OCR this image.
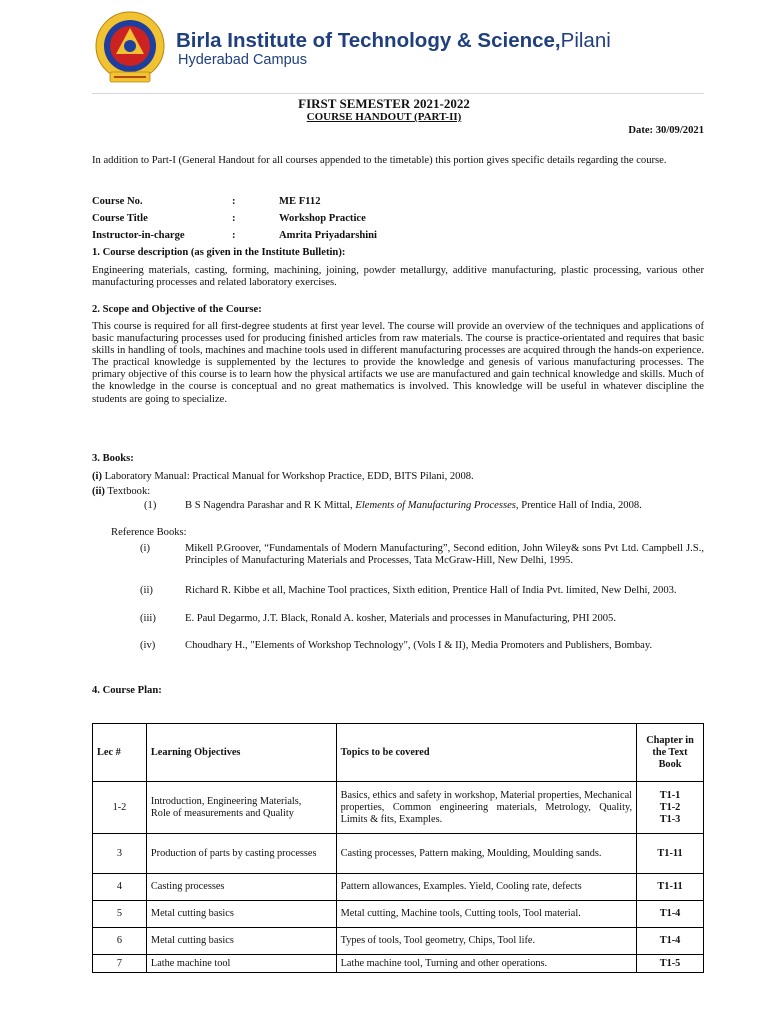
Birla Institute of Technology & Science,Pilani
Hyderabad Campus
FIRST SEMESTER 2021-2022
COURSE HANDOUT (PART-II)
Date: 30/09/2021
In addition to Part-I (General Handout for all courses appended to the timetable) this portion gives specific details regarding the course.
Course No.	:	ME F112
Course Title	:	Workshop Practice
Instructor-in-charge	:	Amrita Priyadarshini
1. Course description (as given in the Institute Bulletin):
Engineering materials, casting, forming, machining, joining, powder metallurgy, additive manufacturing, plastic processing, various other manufacturing processes and related laboratory exercises.
2. Scope and Objective of the Course:
This course is required for all first-degree students at first year level. The course will provide an overview of the techniques and applications of basic manufacturing processes used for producing finished articles from raw materials. The course is practice-orientated and requires that basic skills in handling of tools, machines and machine tools used in different manufacturing processes are acquired through the hands-on experience. The practical knowledge is supplemented by the lectures to provide the knowledge and genesis of various manufacturing processes. The primary objective of this course is to learn how the physical artifacts we use are manufactured and gain technical knowledge and skills. Much of the knowledge in the course is conceptual and no great mathematics is involved. This knowledge will be useful in whatever discipline the students are going to specialize.
3. Books:
(i) Laboratory Manual: Practical Manual for Workshop Practice, EDD, BITS Pilani, 2008.
(ii) Textbook:
(1)	B S Nagendra Parashar and R K Mittal, Elements of Manufacturing Processes, Prentice Hall of India, 2008.
Reference Books:
(i)	Mikell P.Groover, “Fundamentals of Modern Manufacturing”, Second edition, John Wiley& sons Pvt Ltd. Campbell J.S., Principles of Manufacturing Materials and Processes, Tata McGraw-Hill, New Delhi, 1995.
(ii)	Richard R. Kibbe et all, Machine Tool practices, Sixth edition, Prentice Hall of India Pvt. limited, New Delhi, 2003.
(iii)	E. Paul Degarmo, J.T. Black, Ronald A. kosher, Materials and processes in Manufacturing, PHI 2005.
(iv)	Choudhary H., "Elements of Workshop Technology", (Vols I & II), Media Promoters and Publishers, Bombay.
4. Course Plan:
Lec #	Learning Objectives	Topics to be covered	Chapter in the Text Book
1-2	Introduction, Engineering Materials,
Role of measurements and Quality	Basics, ethics and safety in workshop, Material properties, Mechanical properties, Common engineering materials, Metrology, Quality, Limits & fits, Examples.	T1-1
T1-2
T1-3
3	Production of parts by casting processes	Casting processes, Pattern making, Moulding, Moulding sands.	T1-11
4	Casting processes	Pattern allowances, Examples. Yield, Cooling rate, defects	T1-11
5	Metal cutting basics	Metal cutting, Machine tools, Cutting tools, Tool material.	T1-4
6	Metal cutting basics	Types of tools, Tool geometry, Chips, Tool life.	T1-4
7	Lathe machine tool	Lathe machine tool, Turning and other operations.	T1-5
